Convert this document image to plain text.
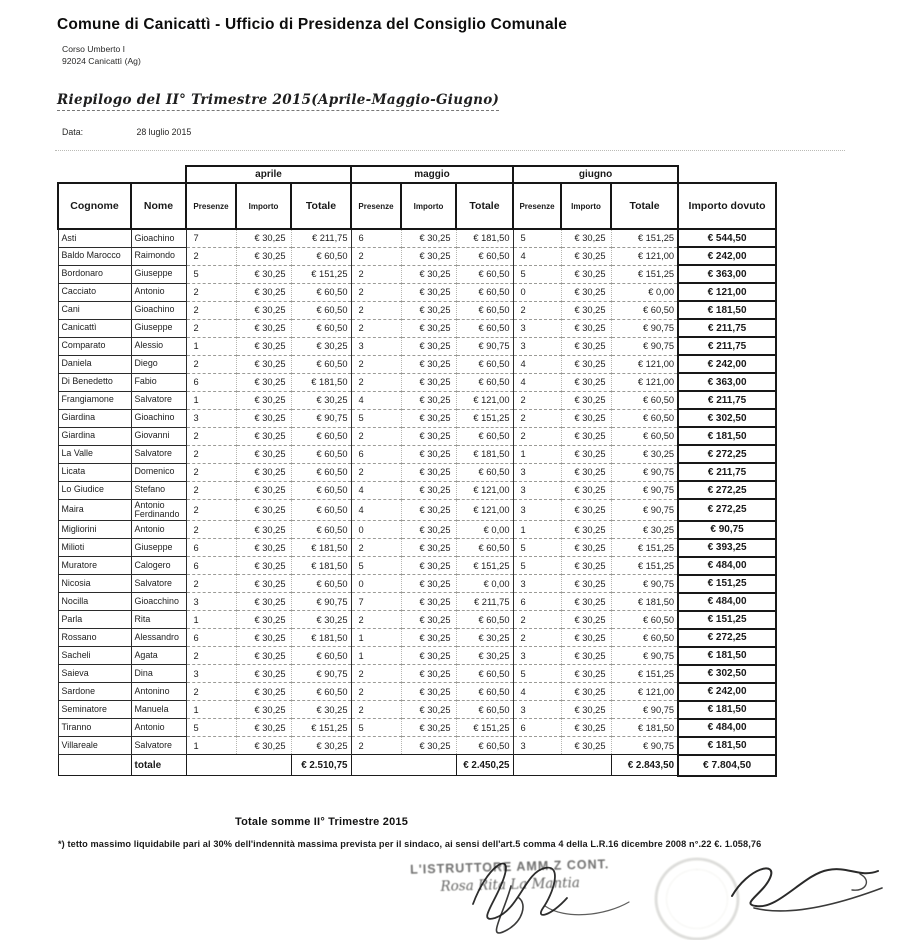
Comune di Canicattì - Ufficio di Presidenza del Consiglio Comunale
Corso Umberto I
92024 Canicattì (Ag)
Riepilogo del II° Trimestre 2015(Aprile-Maggio-Giugno)
Data:	28 luglio 2015
		aprile			maggio			giugno			
Cognome	Nome	Presenze	Importo	Totale	Presenze	Importo	Totale	Presenze	Importo	Totale	Importo dovuto
Asti	Gioachino	7	€ 30,25	€ 211,75	6	€ 30,25	€ 181,50	5	€ 30,25	€ 151,25	€ 544,50
Baldo Marocco	Raimondo	2	€ 30,25	€ 60,50	2	€ 30,25	€ 60,50	4	€ 30,25	€ 121,00	€ 242,00
Bordonaro	Giuseppe	5	€ 30,25	€ 151,25	2	€ 30,25	€ 60,50	5	€ 30,25	€ 151,25	€ 363,00
Cacciato	Antonio	2	€ 30,25	€ 60,50	2	€ 30,25	€ 60,50	0	€ 30,25	€ 0,00	€ 121,00
Cani	Gioachino	2	€ 30,25	€ 60,50	2	€ 30,25	€ 60,50	2	€ 30,25	€ 60,50	€ 181,50
Canicattì	Giuseppe	2	€ 30,25	€ 60,50	2	€ 30,25	€ 60,50	3	€ 30,25	€ 90,75	€ 211,75
Comparato	Alessio	1	€ 30,25	€ 30,25	3	€ 30,25	€ 90,75	3	€ 30,25	€ 90,75	€ 211,75
Daniela	Diego	2	€ 30,25	€ 60,50	2	€ 30,25	€ 60,50	4	€ 30,25	€ 121,00	€ 242,00
Di Benedetto	Fabio	6	€ 30,25	€ 181,50	2	€ 30,25	€ 60,50	4	€ 30,25	€ 121,00	€ 363,00
Frangiamone	Salvatore	1	€ 30,25	€ 30,25	4	€ 30,25	€ 121,00	2	€ 30,25	€ 60,50	€ 211,75
Giardina	Gioachino	3	€ 30,25	€ 90,75	5	€ 30,25	€ 151,25	2	€ 30,25	€ 60,50	€ 302,50
Giardina	Giovanni	2	€ 30,25	€ 60,50	2	€ 30,25	€ 60,50	2	€ 30,25	€ 60,50	€ 181,50
La Valle	Salvatore	2	€ 30,25	€ 60,50	6	€ 30,25	€ 181,50	1	€ 30,25	€ 30,25	€ 272,25
Licata	Domenico	2	€ 30,25	€ 60,50	2	€ 30,25	€ 60,50	3	€ 30,25	€ 90,75	€ 211,75
Lo Giudice	Stefano	2	€ 30,25	€ 60,50	4	€ 30,25	€ 121,00	3	€ 30,25	€ 90,75	€ 272,25
Maira	Antonio Ferdinando	2	€ 30,25	€ 60,50	4	€ 30,25	€ 121,00	3	€ 30,25	€ 90,75	€ 272,25
Migliorini	Antonio	2	€ 30,25	€ 60,50	0	€ 30,25	€ 0,00	1	€ 30,25	€ 30,25	€ 90,75
Milioti	Giuseppe	6	€ 30,25	€ 181,50	2	€ 30,25	€ 60,50	5	€ 30,25	€ 151,25	€ 393,25
Muratore	Calogero	6	€ 30,25	€ 181,50	5	€ 30,25	€ 151,25	5	€ 30,25	€ 151,25	€ 484,00
Nicosia	Salvatore	2	€ 30,25	€ 60,50	0	€ 30,25	€ 0,00	3	€ 30,25	€ 90,75	€ 151,25
Nocilla	Gioacchino	3	€ 30,25	€ 90,75	7	€ 30,25	€ 211,75	6	€ 30,25	€ 181,50	€ 484,00
Parla	Rita	1	€ 30,25	€ 30,25	2	€ 30,25	€ 60,50	2	€ 30,25	€ 60,50	€ 151,25
Rossano	Alessandro	6	€ 30,25	€ 181,50	1	€ 30,25	€ 30,25	2	€ 30,25	€ 60,50	€ 272,25
Sacheli	Agata	2	€ 30,25	€ 60,50	1	€ 30,25	€ 30,25	3	€ 30,25	€ 90,75	€ 181,50
Saieva	Dina	3	€ 30,25	€ 90,75	2	€ 30,25	€ 60,50	5	€ 30,25	€ 151,25	€ 302,50
Sardone	Antonino	2	€ 30,25	€ 60,50	2	€ 30,25	€ 60,50	4	€ 30,25	€ 121,00	€ 242,00
Seminatore	Manuela	1	€ 30,25	€ 30,25	2	€ 30,25	€ 60,50	3	€ 30,25	€ 90,75	€ 181,50
Tiranno	Antonio	5	€ 30,25	€ 151,25	5	€ 30,25	€ 151,25	6	€ 30,25	€ 181,50	€ 484,00
Villareale	Salvatore	1	€ 30,25	€ 30,25	2	€ 30,25	€ 60,50	3	€ 30,25	€ 90,75	€ 181,50
	totale			€ 2.510,75			€ 2.450,25			€ 2.843,50	€ 7.804,50
Totale somme II° Trimestre 2015
*) tetto massimo liquidabile pari al 30% dell'indennità massima prevista per il sindaco, ai sensi dell'art.5 comma 4 della L.R.16 dicembre 2008 n°.22 €. 1.058,76
L'ISTRUTTORE AMM.Z CONT.
Rosa Rita La Mantia
